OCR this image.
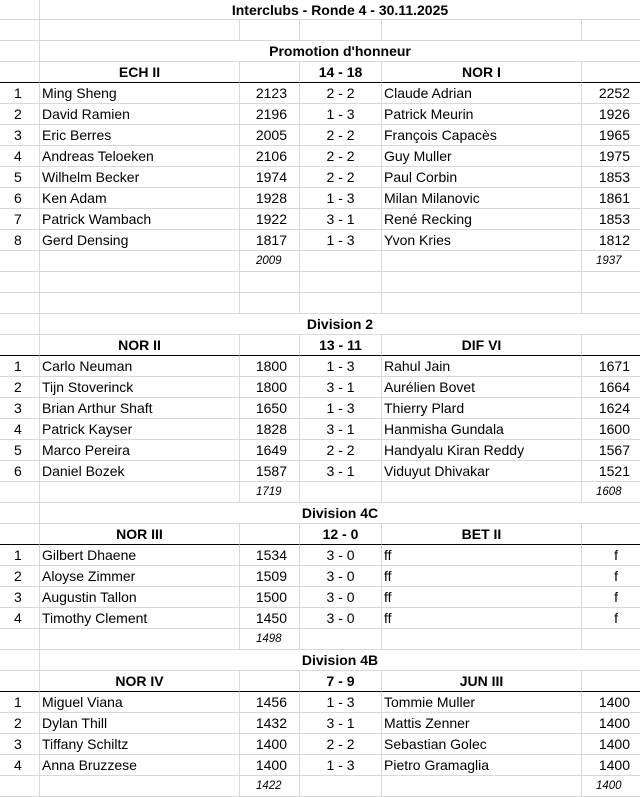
Interclubs - Ronde 4 - 30.11.2025
Promotion d'honneur
ECH II	14 - 18	NOR I
1	Ming Sheng	2123	2 - 2	Claude Adrian	2252
2	David Ramien	2196	1 - 3	Patrick Meurin	1926
3	Eric Berres	2005	2 - 2	François Capacès	1965
4	Andreas Teloeken	2106	2 - 2	Guy Muller	1975
5	Wilhelm Becker	1974	2 - 2	Paul Corbin	1853
6	Ken Adam	1928	1 - 3	Milan Milanovic	1861
7	Patrick Wambach	1922	3 - 1	René Recking	1853
8	Gerd Densing	1817	1 - 3	Yvon Kries	1812
2009	1937
Division 2
NOR II	13 - 11	DIF VI
1	Carlo Neuman	1800	1 - 3	Rahul Jain	1671
2	Tijn Stoverinck	1800	3 - 1	Aurélien Bovet	1664
3	Brian Arthur Shaft	1650	1 - 3	Thierry Plard	1624
4	Patrick Kayser	1828	3 - 1	Hanmisha Gundala	1600
5	Marco Pereira	1649	2 - 2	Handyalu Kiran Reddy	1567
6	Daniel Bozek	1587	3 - 1	Viduyut Dhivakar	1521
1719	1608
Division 4C
NOR III	12 - 0	BET II
1	Gilbert Dhaene	1534	3 - 0	ff	f
2	Aloyse Zimmer	1509	3 - 0	ff	f
3	Augustin Tallon	1500	3 - 0	ff	f
4	Timothy Clement	1450	3 - 0	ff	f
1498
Division 4B
NOR IV	7 - 9	JUN III
1	Miguel Viana	1456	1 - 3	Tommie Muller	1400
2	Dylan Thill	1432	3 - 1	Mattis Zenner	1400
3	Tiffany Schiltz	1400	2 - 2	Sebastian Golec	1400
4	Anna Bruzzese	1400	1 - 3	Pietro Gramaglia	1400
1422	1400
